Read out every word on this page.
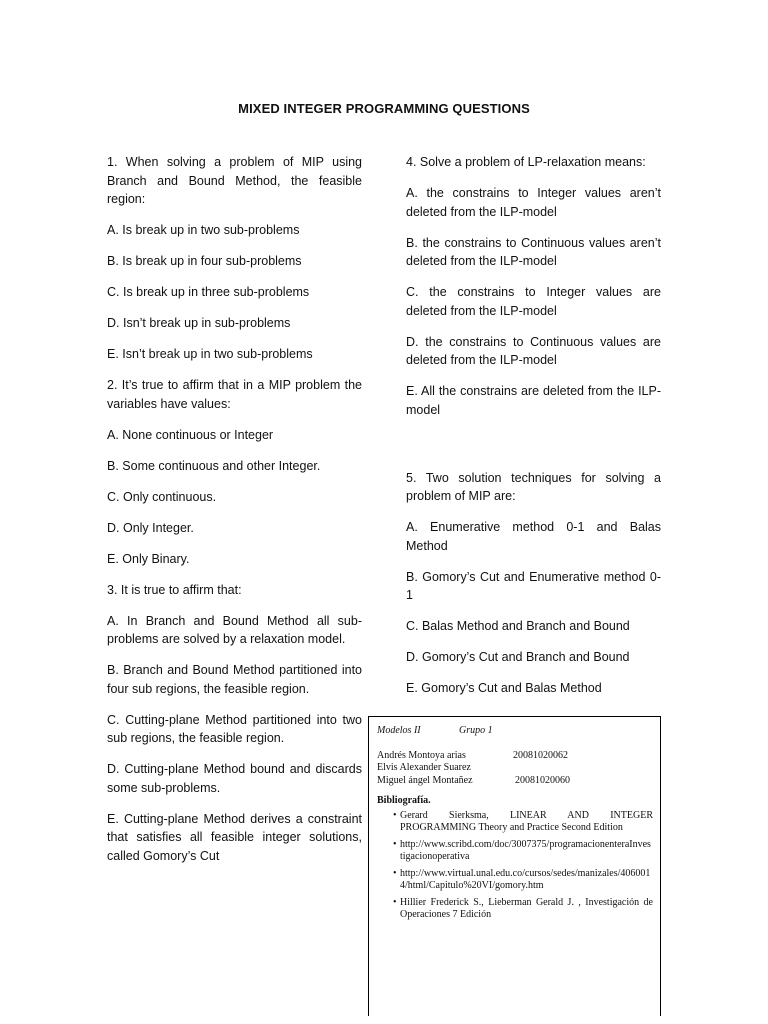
MIXED INTEGER PROGRAMMING QUESTIONS

1. When solving a problem of MIP using Branch and Bound Method, the feasible region:

A. Is break up in two sub-problems

B. Is break up in four sub-problems

C. Is break up in three sub-problems

D. Isn’t break up in sub-problems

E. Isn’t break up in two sub-problems

2. It’s true to affirm that in a MIP problem the variables have values:

A. None continuous or Integer

B. Some continuous and other Integer.

C. Only continuous.

D. Only Integer.

E. Only Binary.

3. It is true to affirm that:

A. In Branch and Bound Method all sub-problems are solved by a relaxation model.

B. Branch and Bound Method partitioned into four sub regions, the feasible region.

C. Cutting-plane Method partitioned into two sub regions, the feasible region.

D. Cutting-plane Method bound and discards some sub-problems.

E. Cutting-plane Method derives a constraint that satisfies all feasible integer solutions, called Gomory’s Cut

4. Solve a problem of LP-relaxation means:

A. the constrains to Integer values aren’t deleted from the ILP-model

B. the constrains to Continuous values aren’t deleted from the ILP-model

C. the constrains to Integer values are deleted from the ILP-model

D. the constrains to Continuous values are deleted from the ILP-model

E. All the constrains are deleted from the ILP-model

5. Two solution techniques for solving a problem of MIP are:

A. Enumerative method 0-1 and Balas Method

B. Gomory’s Cut and Enumerative method 0-1

C. Balas Method and Branch and Bound

D. Gomory’s Cut and Branch and Bound

E. Gomory’s Cut and Balas Method

Modelos II	Grupo 1
Andrés Montoya arias	20081020062
Elvis Alexander Suarez
Miguel ángel Montañez	20081020060
Bibliografía.
• Gerard Sierksma, LINEAR AND INTEGER PROGRAMMING Theory and Practice Second Edition
• http://www.scribd.com/doc/3007375/programacionenteraInvestigacionoperativa
• http://www.virtual.unal.edu.co/cursos/sedes/manizales/4060014/html/Capitulo%20VI/gomory.htm
• Hillier Frederick S., Lieberman Gerald J. , Investigación de Operaciones 7 Edición
